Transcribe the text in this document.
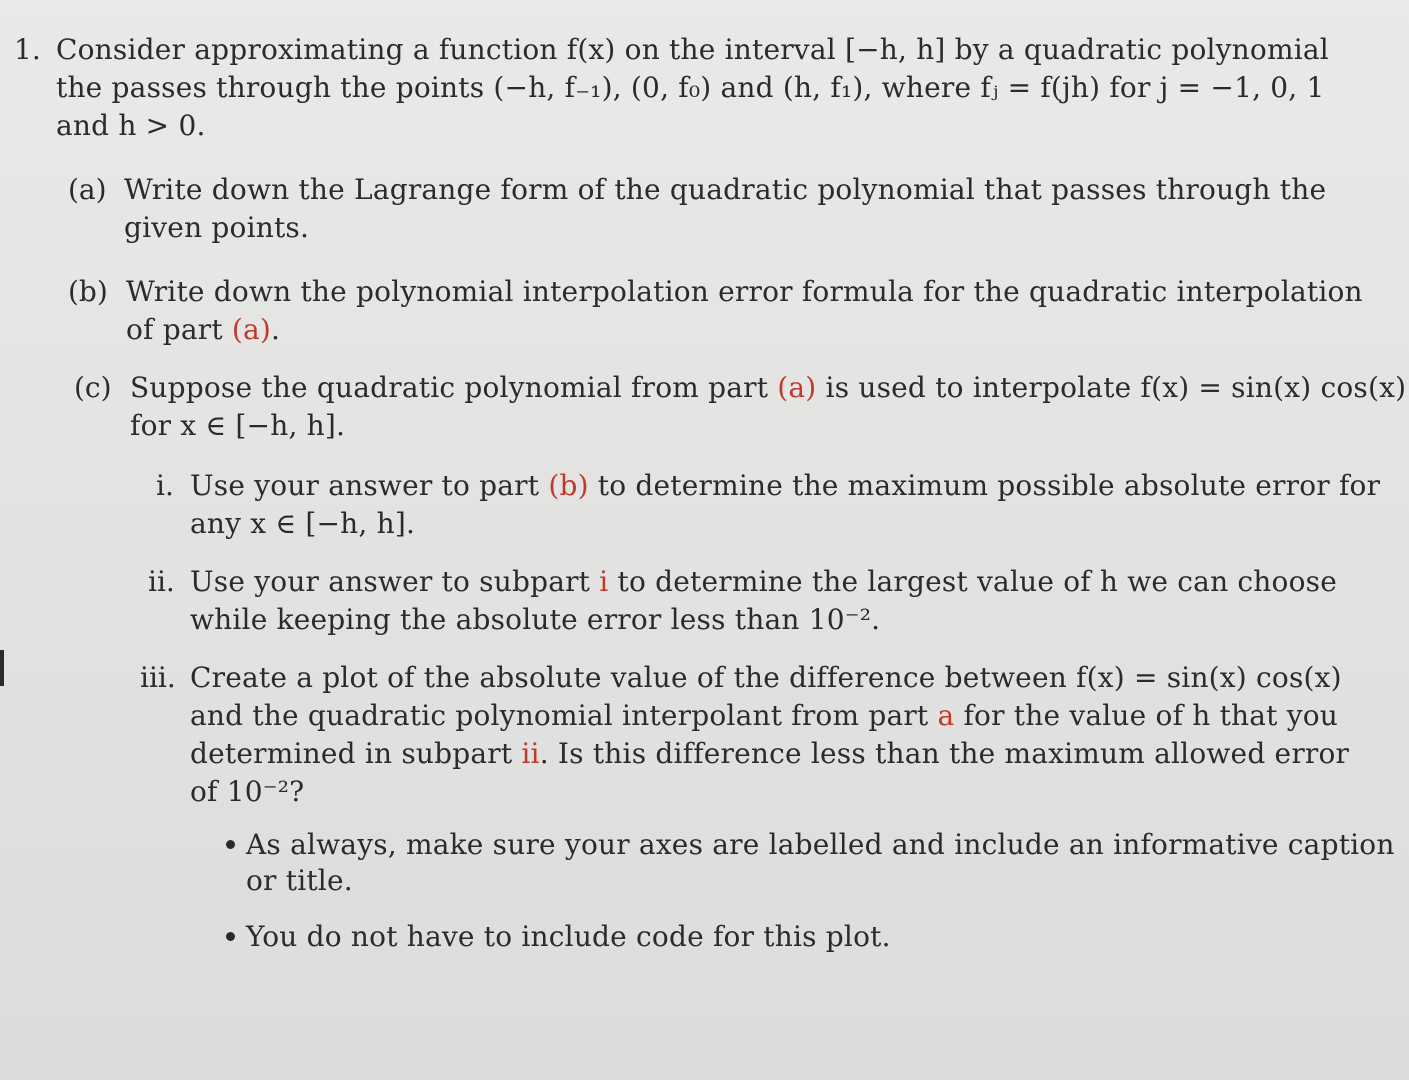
1. Consider approximating a function f(x) on the interval [−h, h] by a quadratic polynomial
the passes through the points (−h, f₋₁), (0, f₀) and (h, f₁), where fⱼ = f(jh) for j = −1, 0, 1
and h > 0.
(a) Write down the Lagrange form of the quadratic polynomial that passes through the
given points.
(b) Write down the polynomial interpolation error formula for the quadratic interpolation
of part (a).
(c) Suppose the quadratic polynomial from part (a) is used to interpolate f(x) = sin(x) cos(x)
for x ∈ [−h, h].
i. Use your answer to part (b) to determine the maximum possible absolute error for
any x ∈ [−h, h].
ii. Use your answer to subpart i to determine the largest value of h we can choose
while keeping the absolute error less than 10⁻².
iii. Create a plot of the absolute value of the difference between f(x) = sin(x) cos(x)
and the quadratic polynomial interpolant from part a for the value of h that you
determined in subpart ii. Is this difference less than the maximum allowed error
of 10⁻²?
As always, make sure your axes are labelled and include an informative caption
or title.
You do not have to include code for this plot.
